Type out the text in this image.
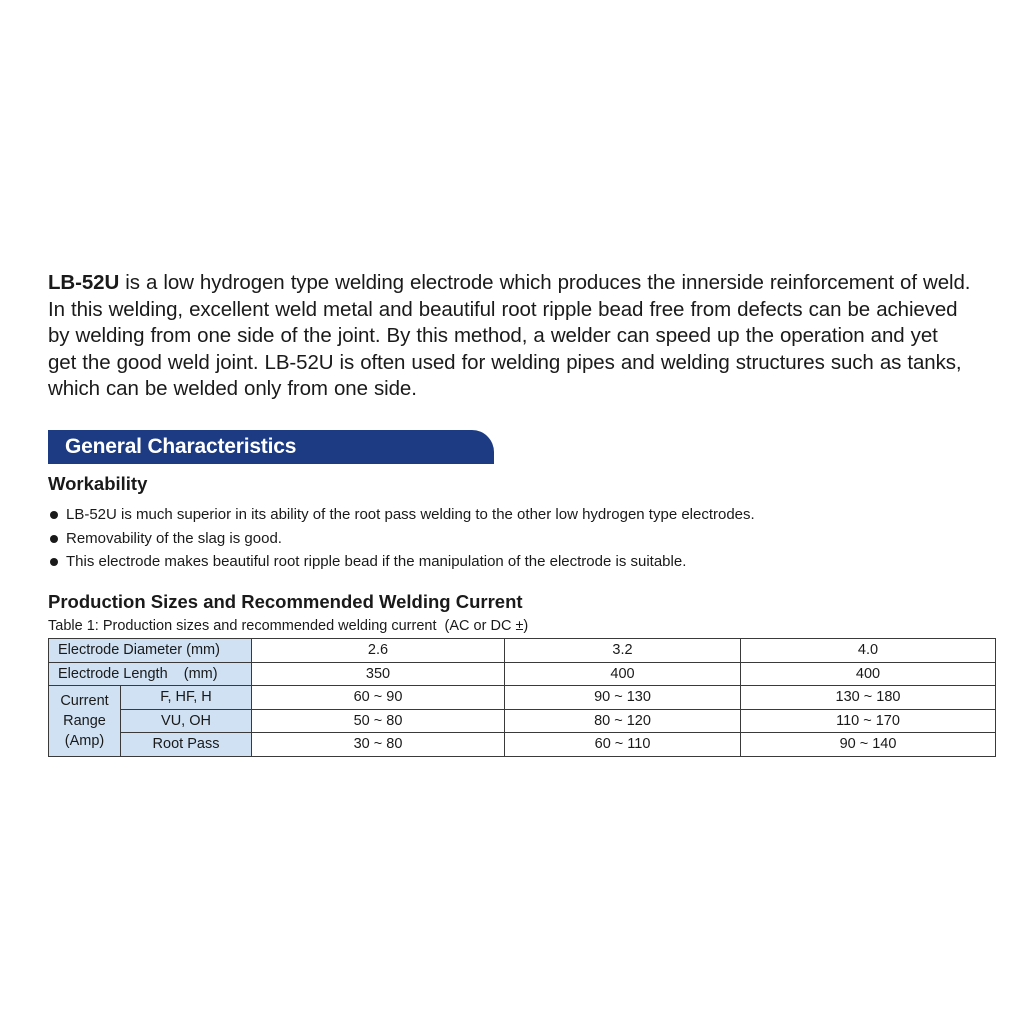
LB-52U is a low hydrogen type welding electrode which produces the innerside reinforcement of weld.
In this welding, excellent weld metal and beautiful root ripple bead free from defects can be achieved
by welding from one side of the joint. By this method, a welder can speed up the operation and yet
get the good weld joint. LB-52U is often used for welding pipes and welding structures such as tanks,
which can be welded only from one side.
General Characteristics
Workability
LB-52U is much superior in its ability of the root pass welding to the other low hydrogen type electrodes.
Removability of the slag is good.
This electrode makes beautiful root ripple bead if the manipulation of the electrode is suitable.
Production Sizes and Recommended Welding Current
Table 1: Production sizes and recommended welding current  (AC or DC ±)
Electrode Diameter (mm)		2.6	3.2	4.0
Electrode Length    (mm)		350	400	400

Current
Range
(Amp)	F, HF, H	60 ~ 90	90 ~ 130	130 ~ 180
	VU, OH	50 ~ 80	80 ~ 120	110 ~ 170
	Root Pass	30 ~ 80	60 ~ 110	90 ~ 140
